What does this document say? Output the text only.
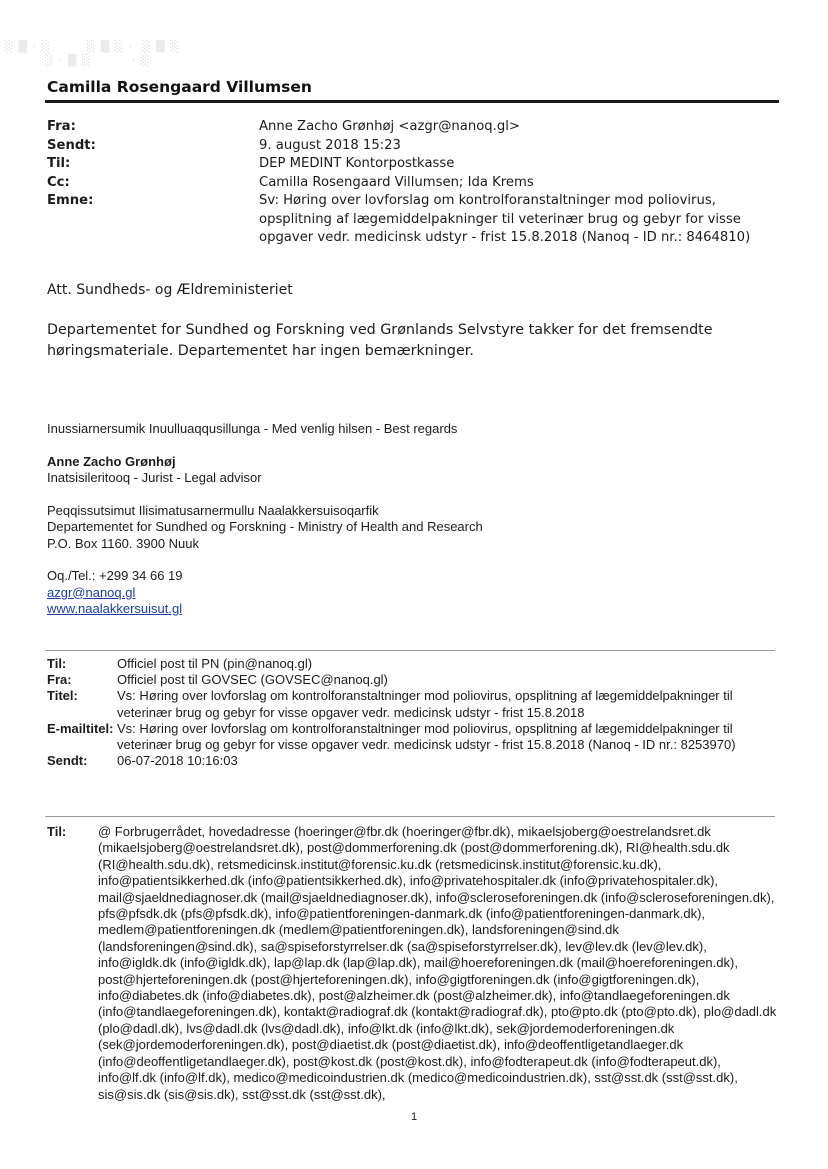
░ ▒ · ░        ░ ▒ ░ ·  ░ ▒ ░
░ · ▒ ░         · ░
Camilla Rosengaard Villumsen
Fra:	Anne Zacho Grønhøj <azgr@nanoq.gl>
Sendt:	9. august 2018 15:23
Til:	DEP MEDINT Kontorpostkasse
Cc:	Camilla Rosengaard Villumsen; Ida Krems
Emne:	Sv: Høring over lovforslag om kontrolforanstaltninger mod poliovirus, opsplitning af lægemiddelpakninger til veterinær brug og gebyr for visse opgaver vedr. medicinsk udstyr - frist 15.8.2018 (Nanoq - ID nr.: 8464810)
Att. Sundheds- og Ældreministeriet
Departementet for Sundhed og Forskning ved Grønlands Selvstyre takker for det fremsendte høringsmateriale. Departementet har ingen bemærkninger.
Inussiarnersumik Inuulluaqqusillunga - Med venlig hilsen - Best regards
Anne Zacho Grønhøj
Inatsisileritooq - Jurist - Legal advisor
Peqqissutsimut Ilisimatusarnermullu Naalakkersuisoqarfik
Departementet for Sundhed og Forskning - Ministry of Health and Research
P.O. Box 1160. 3900 Nuuk
Oq./Tel.: +299 34 66 19
azgr@nanoq.gl
www.naalakkersuisut.gl
Til:	Officiel post til PN (pin@nanoq.gl)
Fra:	Officiel post til GOVSEC (GOVSEC@nanoq.gl)
Titel:	Vs: Høring over lovforslag om kontrolforanstaltninger mod poliovirus, opsplitning af lægemiddelpakninger til veterinær brug og gebyr for visse opgaver vedr. medicinsk udstyr - frist 15.8.2018
E-mailtitel: Vs: Høring over lovforslag om kontrolforanstaltninger mod poliovirus, opsplitning af lægemiddelpakninger til veterinær brug og gebyr for visse opgaver vedr. medicinsk udstyr - frist 15.8.2018 (Nanoq - ID nr.: 8253970)
Sendt:	06-07-2018 10:16:03
Til:	@ Forbrugerrådet, hovedadresse (hoeringer@fbr.dk (hoeringer@fbr.dk), mikaelsjoberg@oestrelandsret.dk (mikaelsjoberg@oestrelandsret.dk), post@dommerforening.dk (post@dommerforening.dk), RI@health.sdu.dk (RI@health.sdu.dk), retsmedicinsk.institut@forensic.ku.dk (retsmedicinsk.institut@forensic.ku.dk), info@patientsikkerhed.dk (info@patientsikkerhed.dk), info@privatehospitaler.dk (info@privatehospitaler.dk), mail@sjaeldnediagnoser.dk (mail@sjaeldnediagnoser.dk), info@scleroseforeningen.dk (info@scleroseforeningen.dk), pfs@pfsdk.dk (pfs@pfsdk.dk), info@patientforeningen-danmark.dk (info@patientforeningen-danmark.dk), medlem@patientforeningen.dk (medlem@patientforeningen.dk), landsforeningen@sind.dk (landsforeningen@sind.dk), sa@spiseforstyrrelser.dk (sa@spiseforstyrrelser.dk), lev@lev.dk (lev@lev.dk), info@igldk.dk (info@igldk.dk), lap@lap.dk (lap@lap.dk), mail@hoereforeningen.dk (mail@hoereforeningen.dk), post@hjerteforeningen.dk (post@hjerteforeningen.dk), info@gigtforeningen.dk (info@gigtforeningen.dk), info@diabetes.dk (info@diabetes.dk), post@alzheimer.dk (post@alzheimer.dk), info@tandlaegeforeningen.dk (info@tandlaegeforeningen.dk), kontakt@radiograf.dk (kontakt@radiograf.dk), pto@pto.dk (pto@pto.dk), plo@dadl.dk (plo@dadl.dk), lvs@dadl.dk (lvs@dadl.dk), info@lkt.dk (info@lkt.dk), sek@jordemoderforeningen.dk (sek@jordemoderforeningen.dk), post@diaetist.dk (post@diaetist.dk), info@deoffentligetandlaeger.dk (info@deoffentligetandlaeger.dk), post@kost.dk (post@kost.dk), info@fodterapeut.dk (info@fodterapeut.dk), info@lf.dk (info@lf.dk), medico@medicoindustrien.dk (medico@medicoindustrien.dk), sst@sst.dk (sst@sst.dk), sis@sis.dk (sis@sis.dk), sst@sst.dk (sst@sst.dk),
1
